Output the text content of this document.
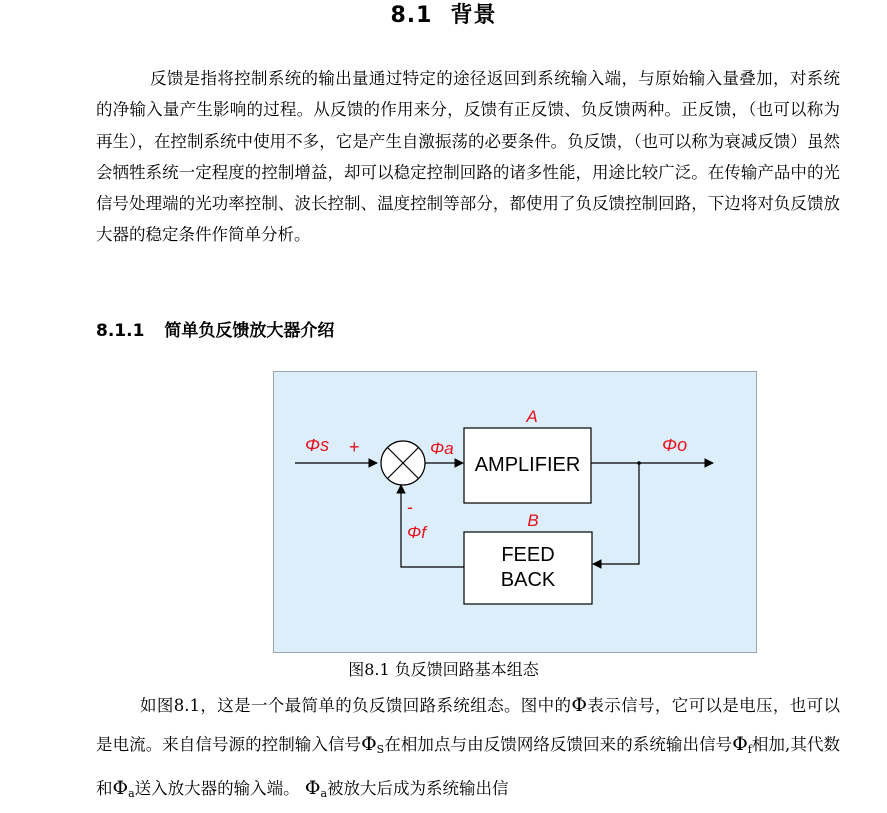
8.1 背景

反馈是指将控制系统的输出量通过特定的途径返回到系统输入端，与原始输入量叠加，对系统的净输入量产生影响的过程。从反馈的作用来分，反馈有正反馈、负反馈两种。正反馈，（也可以称为再生），在控制系统中使用不多，它是产生自激振荡的必要条件。负反馈，（也可以称为衰减反馈）虽然会牺牲系统一定程度的控制增益，却可以稳定控制回路的诸多性能，用途比较广泛。在传输产品中的光信号处理端的光功率控制、波长控制、温度控制等部分，都使用了负反馈控制回路，下边将对负反馈放大器的稳定条件作简单分析。

8.1.1 简单负反馈放大器介绍
AMPLIFIER
FEED
BACK
Φs +	Φa
A
Φo
B
-
Φf
图8.1 负反馈回路基本组态

如图8.1，这是一个最简单的负反馈回路系统组态。图中的Φ表示信号，它可以是电压，也可以是电流。来自信号源的控制输入信号ΦS在相加点与由反馈网络反馈回来的系统输出信号Φf相加,其代数和Φa送入放大器的输入端。 Φa被放大后成为系统输出信
